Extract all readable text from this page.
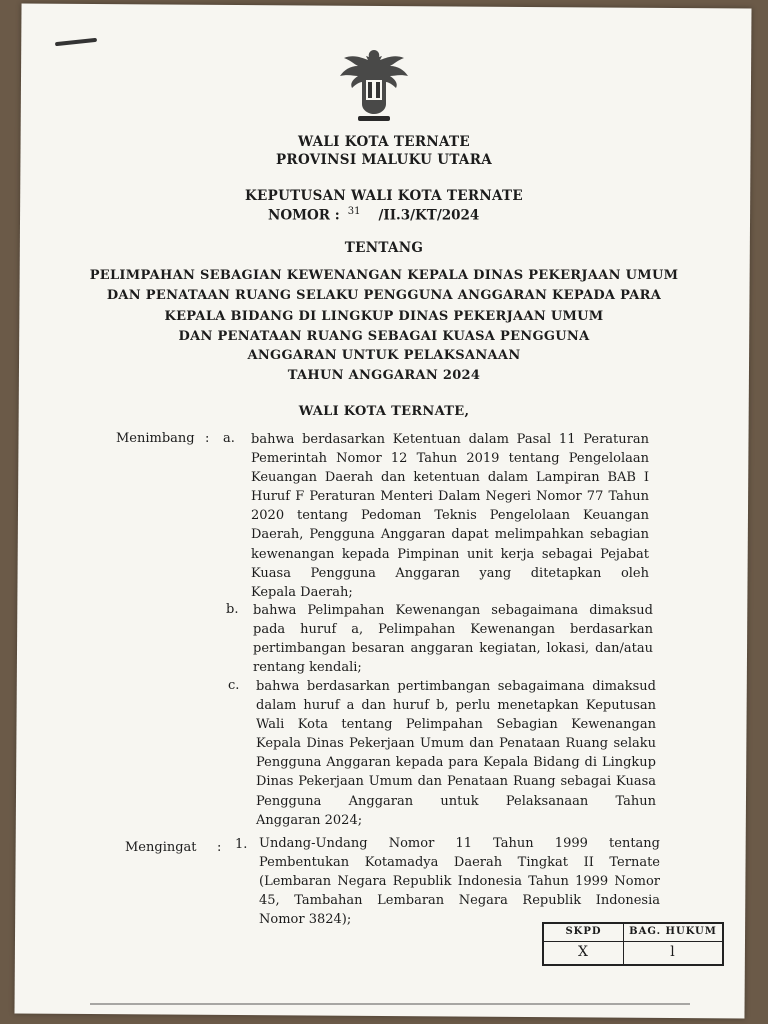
WALI KOTA TERNATE
PROVINSI MALUKU UTARA
KEPUTUSAN WALI KOTA TERNATE
NOMOR : $^{31}$ /II.3/KT/2024
TENTANG
PELIMPAHAN SEBAGIAN KEWENANGAN KEPALA DINAS PEKERJAAN UMUM
DAN PENATAAN RUANG SELAKU PENGGUNA ANGGARAN KEPADA PARA
KEPALA BIDANG DI LINGKUP DINAS PEKERJAAN UMUM
DAN PENATAAN RUANG SEBAGAI KUASA PENGGUNA
ANGGARAN UNTUK PELAKSANAAN
TAHUN ANGGARAN 2024
WALI KOTA TERNATE,
Menimbang : a. bahwa berdasarkan Ketentuan dalam Pasal 11 Peraturan
Pemerintah Nomor 12 Tahun 2019 tentang Pengelolaan
Keuangan Daerah dan ketentuan dalam Lampiran BAB I
Huruf F Peraturan Menteri Dalam Negeri Nomor 77 Tahun
2020 tentang Pedoman Teknis Pengelolaan Keuangan
Daerah, Pengguna Anggaran dapat melimpahkan sebagian
kewenangan kepada Pimpinan unit kerja sebagai Pejabat
Kuasa Pengguna Anggaran yang ditetapkan oleh
Kepala Daerah;
b. bahwa Pelimpahan Kewenangan sebagaimana dimaksud
pada huruf a, Pelimpahan Kewenangan berdasarkan
pertimbangan besaran anggaran kegiatan, lokasi, dan/atau
rentang kendali;
c. bahwa berdasarkan pertimbangan sebagaimana dimaksud
dalam huruf a dan huruf b, perlu menetapkan Keputusan
Wali Kota tentang Pelimpahan Sebagian Kewenangan
Kepala Dinas Pekerjaan Umum dan Penataan Ruang selaku
Pengguna Anggaran kepada para Kepala Bidang di Lingkup
Dinas Pekerjaan Umum dan Penataan Ruang sebagai Kuasa
Pengguna Anggaran untuk Pelaksanaan Tahun
Anggaran 2024;
Mengingat : 1. Undang-Undang Nomor 11 Tahun 1999 tentang
Pembentukan Kotamadya Daerah Tingkat II Ternate
(Lembaran Negara Republik Indonesia Tahun 1999 Nomor
45, Tambahan Lembaran Negara Republik Indonesia
Nomor 3824);
SKPD	BAG. HUKUM
X	l
